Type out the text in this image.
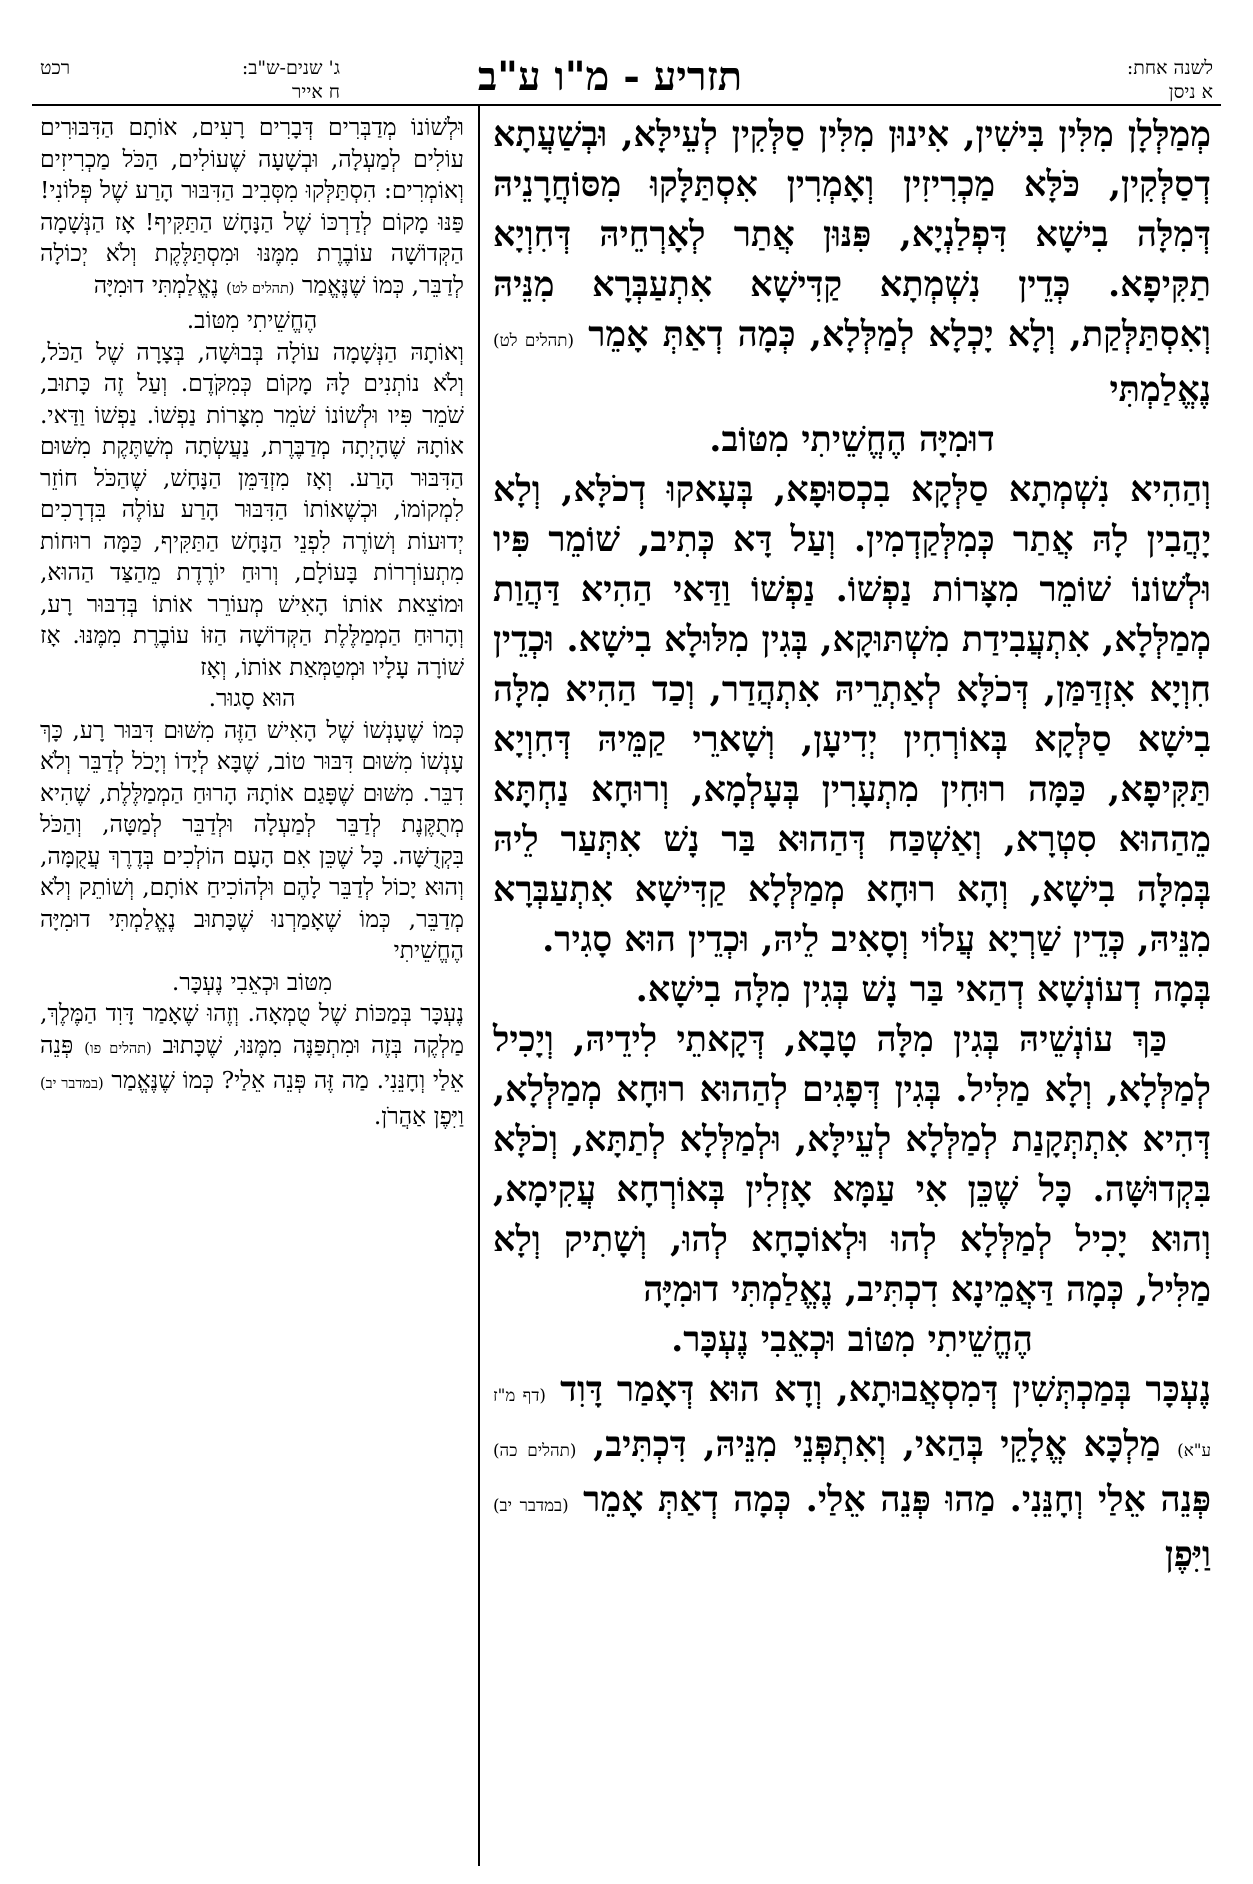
לשנה אחת:
א ניסן
תזריע - מ"ו ע"ב
רכט	ג' שנים-ש"ב:
ח אייר

מְמַלְּלָן מִלִּין בִּישִׁין, אִינוּן מִלִּין סַלְּקִין לְעֵילָּא, וּבְשַׁעֲתָא דְסַלְּקִין, כֹּלָּא מַכְרִיזִין וְאָמְרִין אִסְתַּלָּקוּ מִסּוֹחֲרָנֵיהּ דְּמִלָּה בִישָׁא דִּפְלַנְיָא, פִּנּוּן אֲתַר לְאָרְחֵיהּ דְּחִוְיָא תַקִּיפָא. כְּדֵין נִשְׁמְתָא קַדִּישָׁא אִתְעַבְּרָא מִנֵּיהּ וְאִסְתַּלְּקַת, וְלָא יָכְלָא לְמַלְּלָא, כְּמָה דְאַתְּ אָמֵר (תהלים לט) נֶאֱלַמְתִּי

דוּמִיָּה הֶחֱשֵׁיתִי מִטּוֹב.

וְהַהִיא נִשְׁמְתָא סַלְּקָא בִכְסוּפָא, בְּעָאקוּ דְכֹלָּא, וְלָא יָהֲבִין לָהּ אֲתַר כְּמִלְּקַדְמִין. וְעַל דָּא כְּתִיב, שׁוֹמֵר פִּיו וּלְשׁוֹנוֹ שׁוֹמֵר מִצָּרוֹת נַפְשׁוֹ. נַפְשׁוֹ וַדַּאי הַהִיא דַּהֲוַת מְמַלְּלָא, אִתְעֲבִידַת מִשְׁתּוּקָא, בְּגִין מִלּוּלָא בִישָׁא. וּכְדֵין חִוְיָא אִזְדַּמַּן, דְּכֹלָּא לְאַתְרֵיהּ אִתְהֲדַר, וְכַד הַהִיא מִלָּה בִישָׁא סַלְּקָא בְּאוֹרְחִין יְדִיעָן, וְשָׁארֵי קַמֵּיהּ דְּחִוְיָא תַּקִּיפָא, כַּמָּה רוּחִין מִתְעָרִין בְּעָלְמָא, וְרוּחָא נַחְתָּא מֵהַהוּא סִטְרָא, וְאַשְׁכַּח דְּהַהוּא בַּר נָשׁ אִתְּעַר לֵיהּ בְּמִלָּה בִישָׁא, וְהָא רוּחָא מְמַלְּלָא קַדִּישָׁא אִתְעַבְּרָא מִנֵּיהּ, כְּדֵין שַׁרְיָא עֲלוֹי וְסָאִיב לֵיהּ, וּכְדֵין הוּא סָגִיר.

בְּמָה דְעוֹנְשָׁא דְהַאי בַּר נָשׁ בְּגִין מִלָּה בִישָׁא.

כַּךְ עוֹנְשֵׁיהּ בְּגִין מִלָּה טָבָא, דְּקָאתֵי לִידֵיהּ, וְיָכִיל לְמַלְּלָא, וְלָא מַלִּיל. בְּגִין דְּפָגִים לְהַהוּא רוּחָא מְמַלְּלָא, דְּהִיא אִתְתְּקָנַת לְמַלְּלָא לְעֵילָּא, וּלְמַלְּלָא לְתַתָּא, וְכֹלָּא בִּקְדוּשָּׁה. כָּל שֶׁכֵּן אִי עַמָּא אָזְלִין בְּאוֹרְחָא עֲקִימָא, וְהוּא יָכִיל לְמַלְּלָא לְהוּ וּלְאוֹכָחָא לְהוּ, וְשָׁתִיק וְלָא מַלִּיל, כְּמָה דַּאֲמֵינָא דִכְתִּיב, נֶאֱלַמְתִּי דוּמִיָּה

הֶחֱשֵׁיתִי מִטּוֹב וּכְאֵבִי נֶעְכָּר.

נֶעְכָּר בְּמַכְתְּשִׁין דְּמִסְאֲבוּתָא, וְדָא הוּא דְּאָמַר דָּוִד (דף מ"ז ע"א) מַלְכָּא אֱלָקֵי בְּהַאי, וְאִתְפְּנֵי מִנֵּיהּ, דִּכְתִּיב, (תהלים כה) פְּנֵה אֵלַי וְחָנֵּנִי. מַהוּ פְּנֵה אֵלַי. כְּמָה דְאַתְּ אָמֵר (במדבר יב) וַיִּפֶן

וּלְשׁוֹנוֹ מְדַבְּרִים דְּבָרִים רָעִים, אוֹתָם הַדִּבּוּרִים עוֹלִים לְמַעְלָה, וּבְשָׁעָה שֶׁעוֹלִים, הַכֹּל מַכְרִיזִים וְאוֹמְרִים: הִסְתַּלְּקוּ מִסְּבִיב הַדִּבּוּר הָרַע שֶׁל פְּלוֹנִי! פַּנּוּ מָקוֹם לְדַרְכּוֹ שֶׁל הַנָּחָשׁ הַתַּקִּיף! אָז הַנְּשָׁמָה הַקְּדוֹשָׁה עוֹבֶרֶת מִמֶּנּוּ וּמִסְתַּלֶּקֶת וְלֹא יְכוֹלָה לְדַבֵּר, כְּמוֹ שֶׁנֶּאֱמַר (תהלים לט) נֶאֱלַמְתִּי דוּמִיָּה

הֶחֱשֵׁיתִי מִטּוֹב.

וְאוֹתָהּ הַנְּשָׁמָה עוֹלָה בְּבוּשָׁה, בְּצָרָה שֶׁל הַכֹּל, וְלֹא נוֹתְנִים לָהּ מָקוֹם כְּמִקֹּדֶם. וְעַל זֶה כָּתוּב, שֹׁמֵר פִּיו וּלְשׁוֹנוֹ שֹׁמֵר מִצָּרוֹת נַפְשׁוֹ. נַפְשׁוֹ וַדַּאי. אוֹתָהּ שֶׁהָיְתָה מְדַבֶּרֶת, נַעֲשְׂתָה מְשַׁתֶּקֶת מִשּׁוּם הַדִּבּוּר הָרַע. וְאָז מִזְדַּמֵּן הַנָּחָשׁ, שֶׁהַכֹּל חוֹזֵר לִמְקוֹמוֹ, וּכְשֶׁאוֹתוֹ הַדִּבּוּר הָרַע עוֹלֶה בִּדְרָכִים יְדוּעוֹת וְשׁוֹרֶה לִפְנֵי הַנָּחָשׁ הַתַּקִּיף, כַּמָּה רוּחוֹת מִתְעוֹרְרוֹת בָּעוֹלָם, וְרוּחַ יוֹרֶדֶת מֵהַצַּד הַהוּא, וּמוֹצֵאת אוֹתוֹ הָאִישׁ מְעוֹרֵר אוֹתוֹ בְּדִבּוּר רָע, וְהָרוּחַ הַמְמַלֶּלֶת הַקְּדוֹשָׁה הַזּוֹ עוֹבֶרֶת מִמֶּנּוּ. אָז שׁוֹרָה עָלָיו וּמְטַמְּאַת אוֹתוֹ, וְאָז

הוּא סָגוּר.

כְּמוֹ שֶׁעָנְשׁוֹ שֶׁל הָאִישׁ הַזֶּה מִשּׁוּם דִּבּוּר רָע, כָּךְ עָנְשׁוֹ מִשּׁוּם דִּבּוּר טוֹב, שֶׁבָּא לְיָדוֹ וְיָכֹל לְדַבֵּר וְלֹא דִבֵּר. מִשּׁוּם שֶׁפָּגַם אוֹתָהּ הָרוּחַ הַמְמַלֶּלֶת, שֶׁהִיא מְתֻקֶּנֶת לְדַבֵּר לְמַעְלָה וּלְדַבֵּר לְמַטָּה, וְהַכֹּל בִּקְדֻשָּׁה. כָּל שֶׁכֵּן אִם הָעָם הוֹלְכִים בְּדֶרֶךְ עֲקֻמָּה, וְהוּא יָכוֹל לְדַבֵּר לָהֶם וּלְהוֹכִיחַ אוֹתָם, וְשׁוֹתֵק וְלֹא מְדַבֵּר, כְּמוֹ שֶׁאָמַרְנוּ שֶׁכָּתוּב נֶאֱלַמְתִּי דוּמִיָּה הֶחֱשֵׁיתִי

מִטּוֹב וּכְאֵבִי נֶעְכָּר.

נֶעְכָּר בְּמַכּוֹת שֶׁל טֻמְאָה. וְזֶהוּ שֶׁאָמַר דָּוִד הַמֶּלֶךְ, מַלְקֶה בְּזֶה וּמִתְפַּנֶּה מִמֶּנּוּ, שֶׁכָּתוּב (תהלים פו) פְּנֵה אֵלַי וְחָנֵּנִי. מַה זֶּה פְּנֵה אֵלַי? כְּמוֹ שֶׁנֶּאֱמַר (במדבר יב) וַיִּפֶן אַהֲרֹן.
